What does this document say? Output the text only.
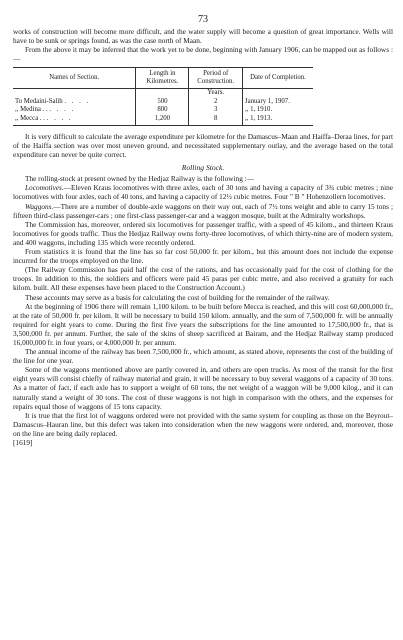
73

works of construction will become more difficult, and the water supply will become a question of great importance. Wells will have to be sunk or springs found, as was the case north of Maan.

From the above it may be inferred that the work yet to be done, beginning with January 1906, can be mapped out as follows :—

Names of Section.	Length in Kilometres.	Period of Construction.	Date of Completion.
		Years.	
To Medaini-Salih . . . .	500	2	January 1, 1907.
,, Medina . . . . . .	800	3	,, 1, 1910.
,, Mecca . . . . . .	1,200	8	,, 1, 1913.

It is very difficult to calculate the average expenditure per kilometre for the Damascus–Maan and Haiffa–Deraa lines, for part of the Haiffa section was over most uneven ground, and necessitated supplementary outlay, and the average based on the total expenditure can never be quite correct.

Rolling Stock.

The rolling-stock at present owned by the Hedjaz Railway is the following :—

Locomotives.—Eleven Kraus locomotives with three axles, each of 30 tons and having a capacity of 3¾ cubic metres ; nine locomotives with four axles, each of 40 tons, and having a capacity of 12½ cubic metres. Four " B " Hohenzollern locomotives.

Waggons.—There are a number of double-axle waggons on their way out, each of 7½ tons weight and able to carry 15 tons ; fifteen third-class passenger-cars ; one first-class passenger-car and a waggon mosque, built at the Admiralty workshops.

The Commission has, moreover, ordered six locomotives for passenger traffic, with a speed of 45 kilom., and thirteen Kraus locomotives for goods traffic. Thus the Hedjaz Railway owns forty-three locomotives, of which thirty-nine are of modern system, and 400 waggons, including 135 which were recently ordered.

From statistics it is found that the line has so far cost 50,000 fr. per kilom., but this amount does not include the expense incurred for the troops employed on the line.

(The Railway Commission has paid half the cost of the rations, and has occasionally paid for the cost of clothing for the troops. In addition to this, the soldiers and officers were paid 45 paras per cubic metre, and also received a gratuity for each kilom. built. All these expenses have been placed to the Construction Account.)

These accounts may serve as a basis for calculating the cost of building for the remainder of the railway.

At the beginning of 1906 there will remain 1,100 kilom. to be built before Mecca is reached, and this will cost 60,000,000 fr., at the rate of 50,000 fr. per kilom. It will be necessary to build 150 kilom. annually, and the sum of 7,500,000 fr. will be annually required for eight years to come. During the first five years the subscriptions for the line amounted to 17,500,000 fr., that is 3,500,000 fr. per annum. Further, the sale of the skins of sheep sacrificed at Bairam, and the Hedjaz Railway stamp produced 16,000,000 fr. in four years, or 4,000,000 fr. per annum.

The annual income of the railway has been 7,500,000 fr., which amount, as stated above, represents the cost of the building of the line for one year.

Some of the waggons mentioned above are partly covered in, and others are open trucks. As most of the transit for the first eight years will consist chiefly of railway material and grain, it will be necessary to buy several waggons of a capacity of 30 tons. As a matter of fact, if each axle has to support a weight of 60 tons, the net weight of a waggon will be 9,000 kilog., and it can naturally stand a weight of 30 tons. The cost of these waggons is not high in comparison with the others, and the expenses for repairs equal those of waggons of 15 tons capacity.

It is true that the first lot of waggons ordered were not provided with the same system for coupling as those on the Beyrout–Damascus–Hauran line, but this defect was taken into consideration when the new waggons were ordered, and, moreover, those on the line are being daily replaced.

[1619]
